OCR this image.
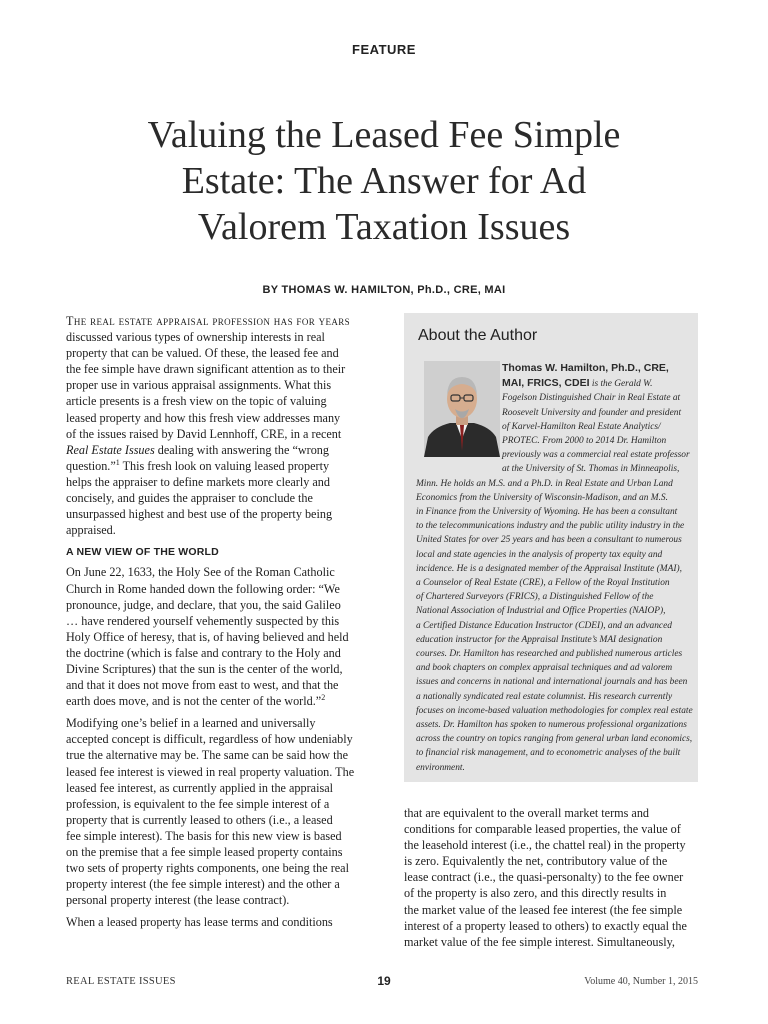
FEATURE
Valuing the Leased Fee Simple
Estate: The Answer for Ad
Valorem Taxation Issues
BY THOMAS W. HAMILTON, Ph.D., CRE, MAI

The real estate appraisal profession has for years
discussed various types of ownership interests in real
property that can be valued. Of these, the leased fee and
the fee simple have drawn significant attention as to their
proper use in various appraisal assignments. What this
article presents is a fresh view on the topic of valuing
leased property and how this fresh view addresses many
of the issues raised by David Lennhoff, CRE, in a recent
Real Estate Issues dealing with answering the “wrong
question.”$^1$ This fresh look on valuing leased property
helps the appraiser to define markets more clearly and
concisely, and guides the appraiser to conclude the
unsurpassed highest and best use of the property being
appraised.

A NEW VIEW OF THE WORLD

On June 22, 1633, the Holy See of the Roman Catholic
Church in Rome handed down the following order: “We
pronounce, judge, and declare, that you, the said Galileo
… have rendered yourself vehemently suspected by this
Holy Office of heresy, that is, of having believed and held
the doctrine (which is false and contrary to the Holy and
Divine Scriptures) that the sun is the center of the world,
and that it does not move from east to west, and that the
earth does move, and is not the center of the world.”$^2$

Modifying one’s belief in a learned and universally
accepted concept is difficult, regardless of how undeniably
true the alternative may be. The same can be said how the
leased fee interest is viewed in real property valuation. The
leased fee interest, as currently applied in the appraisal
profession, is equivalent to the fee simple interest of a
property that is currently leased to others (i.e., a leased
fee simple interest). The basis for this new view is based
on the premise that a fee simple leased property contains
two sets of property rights components, one being the real
property interest (the fee simple interest) and the other a
personal property interest (the lease contract).

When a leased property has lease terms and conditions

About the Author
Thomas W. Hamilton, Ph.D., CRE,
MAI, FRICS, CDEI is the Gerald W.
Fogelson Distinguished Chair in Real Estate at
Roosevelt University and founder and president
of Karvel-Hamilton Real Estate Analytics/
PROTEC. From 2000 to 2014 Dr. Hamilton
previously was a commercial real estate professor
at the University of St. Thomas in Minneapolis,
Minn. He holds an M.S. and a Ph.D. in Real Estate and Urban Land
Economics from the University of Wisconsin-Madison, and an M.S.
in Finance from the University of Wyoming. He has been a consultant
to the telecommunications industry and the public utility industry in the
United States for over 25 years and has been a consultant to numerous
local and state agencies in the analysis of property tax equity and
incidence. He is a designated member of the Appraisal Institute (MAI),
a Counselor of Real Estate (CRE), a Fellow of the Royal Institution
of Chartered Surveyors (FRICS), a Distinguished Fellow of the
National Association of Industrial and Office Properties (NAIOP),
a Certified Distance Education Instructor (CDEI), and an advanced
education instructor for the Appraisal Institute’s MAI designation
courses. Dr. Hamilton has researched and published numerous articles
and book chapters on complex appraisal techniques and ad valorem
issues and concerns in national and international journals and has been
a nationally syndicated real estate columnist. His research currently
focuses on income-based valuation methodologies for complex real estate
assets. Dr. Hamilton has spoken to numerous professional organizations
across the country on topics ranging from general urban land economics,
to financial risk management, and to econometric analyses of the built
environment.

that are equivalent to the overall market terms and
conditions for comparable leased properties, the value of
the leasehold interest (i.e., the chattel real) in the property
is zero. Equivalently the net, contributory value of the
lease contract (i.e., the quasi-personalty) to the fee owner
of the property is also zero, and this directly results in
the market value of the leased fee interest (the fee simple
interest of a property leased to others) to exactly equal the
market value of the fee simple interest. Simultaneously,

REAL ESTATE ISSUES	19	Volume 40, Number 1, 2015
